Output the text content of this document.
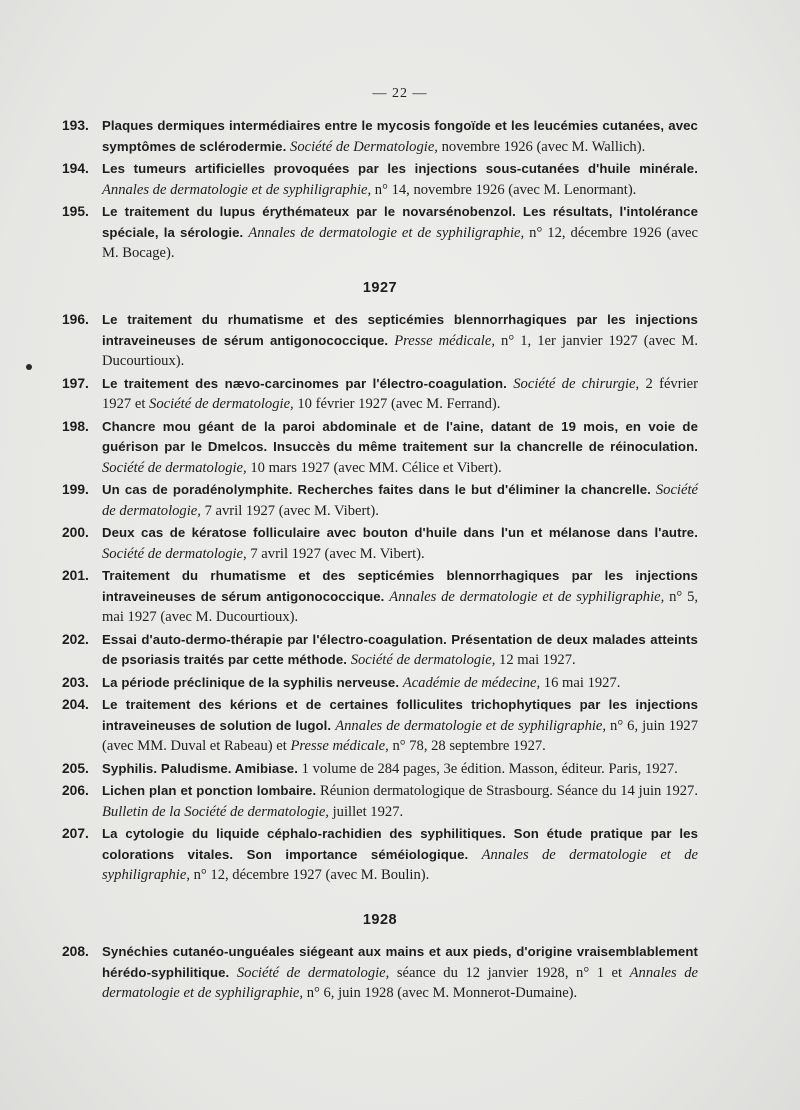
— 22 —
193. Plaques dermiques intermédiaires entre le mycosis fongoïde et les leucémies cutanées, avec symptômes de sclérodermie. Société de Dermatologie, novembre 1926 (avec M. Wallich).
194. Les tumeurs artificielles provoquées par les injections sous-cutanées d'huile minérale. Annales de dermatologie et de syphiligraphie, n° 14, novembre 1926 (avec M. Lenormant).
195. Le traitement du lupus érythémateux par le novarsénobenzol. Les résultats, l'intolérance spéciale, la sérologie. Annales de dermatologie et de syphiligraphie, n° 12, décembre 1926 (avec M. Bocage).
1927
196. Le traitement du rhumatisme et des septicémies blennorrhagiques par les injections intraveineuses de sérum antigonococcique. Presse médicale, n° 1, 1er janvier 1927 (avec M. Ducourtioux).
197. Le traitement des nævo-carcinomes par l'électro-coagulation. Société de chirurgie, 2 février 1927 et Société de dermatologie, 10 février 1927 (avec M. Ferrand).
198. Chancre mou géant de la paroi abdominale et de l'aine, datant de 19 mois, en voie de guérison par le Dmelcos. Insuccès du même traitement sur la chancrelle de réinoculation. Société de dermatologie, 10 mars 1927 (avec MM. Célice et Vibert).
199. Un cas de poradénolymphite. Recherches faites dans le but d'éliminer la chancrelle. Société de dermatologie, 7 avril 1927 (avec M. Vibert).
200. Deux cas de kératose folliculaire avec bouton d'huile dans l'un et mélanose dans l'autre. Société de dermatologie, 7 avril 1927 (avec M. Vibert).
201. Traitement du rhumatisme et des septicémies blennorrhagiques par les injections intraveineuses de sérum antigonococcique. Annales de dermatologie et de syphiligraphie, n° 5, mai 1927 (avec M. Ducourtioux).
202. Essai d'auto-dermo-thérapie par l'électro-coagulation. Présentation de deux malades atteints de psoriasis traités par cette méthode. Société de dermatologie, 12 mai 1927.
203. La période préclinique de la syphilis nerveuse. Académie de médecine, 16 mai 1927.
204. Le traitement des kérions et de certaines folliculites trichophytiques par les injections intraveineuses de solution de lugol. Annales de dermatologie et de syphiligraphie, n° 6, juin 1927 (avec MM. Duval et Rabeau) et Presse médicale, n° 78, 28 septembre 1927.
205. Syphilis. Paludisme. Amibiase. 1 volume de 284 pages, 3e édition. Masson, éditeur. Paris, 1927.
206. Lichen plan et ponction lombaire. Réunion dermatologique de Strasbourg. Séance du 14 juin 1927. Bulletin de la Société de dermatologie, juillet 1927.
207. La cytologie du liquide céphalo-rachidien des syphilitiques. Son étude pratique par les colorations vitales. Son importance séméiologique. Annales de dermatologie et de syphiligraphie, n° 12, décembre 1927 (avec M. Boulin).
1928
208. Synéchies cutanéo-unguéales siégeant aux mains et aux pieds, d'origine vraisemblablement hérédo-syphilitique. Société de dermatologie, séance du 12 janvier 1928, n° 1 et Annales de dermatologie et de syphiligraphie, n° 6, juin 1928 (avec M. Monnerot-Dumaine).
